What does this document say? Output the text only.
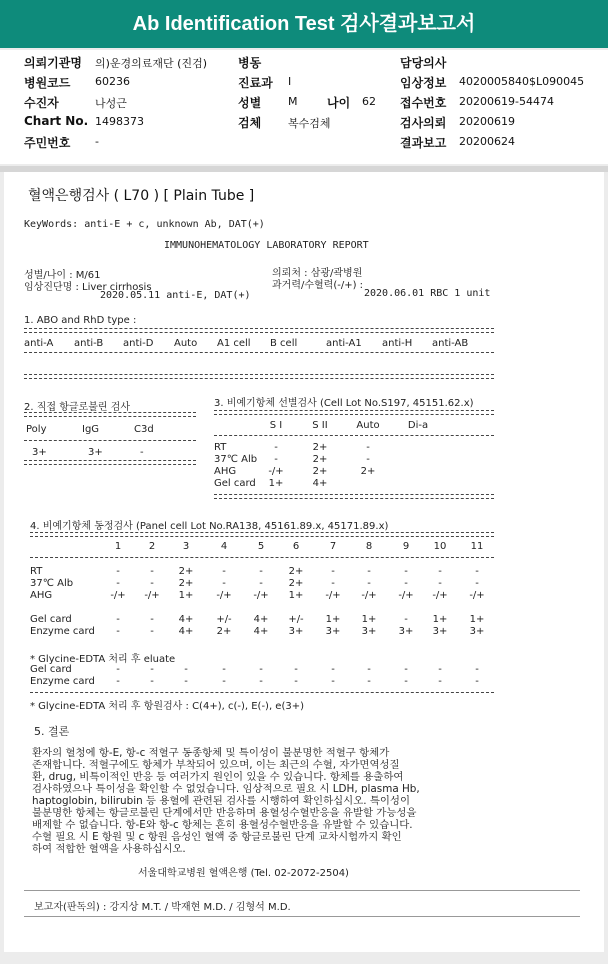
Ab Identification Test 검사결과보고서
의뢰기관명 의)운경의료재단 (진검)	병동	담당의사
병원코드 60236	진료과 I	임상정보 4020005840$L090045
수진자	나성근	성별 M 나이 62 접수번호 20200619-54474
Chart No. 1498373	검체 복수검체	검사의뢰 20200619
주민번호 -	결과보고 20200624
혈액은행검사 ( L70 ) [ Plain Tube ]
KeyWords: anti-E + c, unknown Ab, DAT(+)
IMMUNOHEMATOLOGY LABORATORY REPORT
성별/나이 : M/61
임상진단명 : Liver cirrhosis
2020.05.11 anti-E, DAT(+)
의뢰처 : 삼광/곽병원
과거력/수혈력(-/+) :
2020.06.01 RBC 1 unit
1. ABO and RhD type :
anti-A anti-B anti-D Auto A1 cell B cell	anti-A1 anti-H anti-AB
2. 직접 항글로불린 검사
Poly	IgG	C3d
3+	3+	-
3. 비예기항체 선별검사 (Cell Lot No.S197, 45151.62.x)
S I	S II	Auto	Di-a
RT	-	2+	-
37℃ Alb	-	2+	-
AHG	-/+	2+	2+
Gel card	1+	4+
4. 비예기항체 동정검사 (Panel cell Lot No.RA138, 45161.89.x, 45171.89.x)
1	2	3	4	5	6	7	8	9	10	11
RT	-	-	2+	-	-	2+	-	-	-	-	-
37℃ Alb	-	-	2+	-	-	2+	-	-	-	-	-
AHG	-/+	-/+	1+	-/+	-/+	1+	-/+	-/+	-/+	-/+	-/+
Gel card	-	-	4+	+/-	4+	+/-	1+	1+	-	1+	1+
Enzyme card	-	-	4+	2+	4+	3+	3+	3+	3+	3+	3+
* Glycine-EDTA 처리 후 eluate
Gel card	-	-	-	-	-	-	-	-	-	-	-
Enzyme card	-	-	-	-	-	-	-	-	-	-	-
* Glycine-EDTA 처리 후 항원검사 : C(4+), c(-), E(-), e(3+)
5. 결론
환자의 혈청에 항-E, 항-c 적혈구 동종항체 및 특이성이 불분명한 적혈구 항체가
존재합니다. 적혈구에도 항체가 부착되어 있으며, 이는 최근의 수혈, 자가면역성질
환, drug, 비특이적인 반응 등 여러가지 원인이 있을 수 있습니다. 항체를 용출하여
검사하였으나 특이성을 확인할 수 없었습니다. 임상적으로 필요 시 LDH, plasma Hb,
haptoglobin, bilirubin 등 용혈에 관련된 검사를 시행하여 확인하십시오. 특이성이
불분명한 항체는 항글로불린 단계에서만 반응하며 용혈성수혈반응을 유발할 가능성을
배제할 수 없습니다. 항-E와 항-c 항체는 흔히 용혈성수혈반응을 유발할 수 있습니다.
수혈 필요 시 E 항원 및 c 항원 음성인 혈액 중 항글로불린 단계 교차시험까지 확인
하여 적합한 혈액을 사용하십시오.
서울대학교병원 혈액은행 (Tel. 02-2072-2504)
보고자(판독의) : 강지상 M.T. / 박재현 M.D. / 김형석 M.D.
